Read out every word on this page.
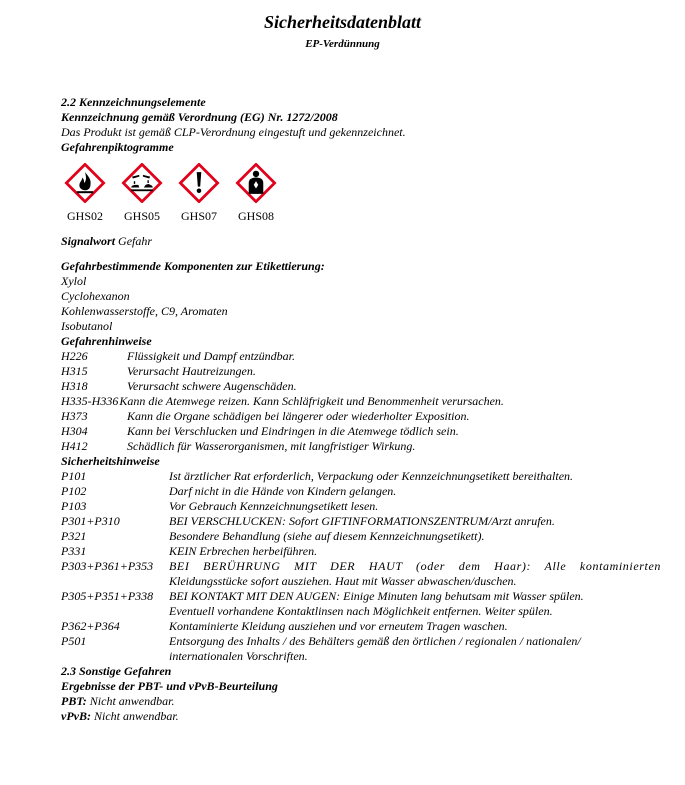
Sicherheitsdatenblatt
EP-Verdünnung
2.2 Kennzeichnungselemente
Kennzeichnung gemäß Verordnung (EG) Nr. 1272/2008
Das Produkt ist gemäß CLP-Verordnung eingestuft und gekennzeichnet.
Gefahrenpiktogramme
GHS02 GHS05 GHS07 GHS08
Signalwort Gefahr
Gefahrbestimmende Komponenten zur Etikettierung:
Xylol
Cyclohexanon
Kohlenwasserstoffe, C9, Aromaten
Isobutanol
Gefahrenhinweise
H226	Flüssigkeit und Dampf entzündbar.
H315	Verursacht Hautreizungen.
H318	Verursacht schwere Augenschäden.
H335-H336 Kann die Atemwege reizen. Kann Schläfrigkeit und Benommenheit verursachen.
H373	Kann die Organe schädigen bei längerer oder wiederholter Exposition.
H304	Kann bei Verschlucken und Eindringen in die Atemwege tödlich sein.
H412	Schädlich für Wasserorganismen, mit langfristiger Wirkung.
Sicherheitshinweise
P101	Ist ärztlicher Rat erforderlich, Verpackung oder Kennzeichnungsetikett bereithalten.
P102	Darf nicht in die Hände von Kindern gelangen.
P103	Vor Gebrauch Kennzeichnungsetikett lesen.
P301+P310	BEI VERSCHLUCKEN: Sofort GIFTINFORMATIONSZENTRUM/Arzt anrufen.
P321	Besondere Behandlung (siehe auf diesem Kennzeichnungsetikett).
P331	KEIN Erbrechen herbeiführen.
P303+P361+P353	BEI BERÜHRUNG MIT DER HAUT (oder dem Haar): Alle kontaminierten
Kleidungsstücke sofort ausziehen. Haut mit Wasser abwaschen/duschen.
P305+P351+P338	BEI KONTAKT MIT DEN AUGEN: Einige Minuten lang behutsam mit Wasser spülen.
Eventuell vorhandene Kontaktlinsen nach Möglichkeit entfernen. Weiter spülen.
P362+P364	Kontaminierte Kleidung ausziehen und vor erneutem Tragen waschen.
P501	Entsorgung des Inhalts / des Behälters gemäß den örtlichen / regionalen / nationalen/
internationalen Vorschriften.
2.3 Sonstige Gefahren
Ergebnisse der PBT- und vPvB-Beurteilung
PBT: Nicht anwendbar.
vPvB: Nicht anwendbar.
